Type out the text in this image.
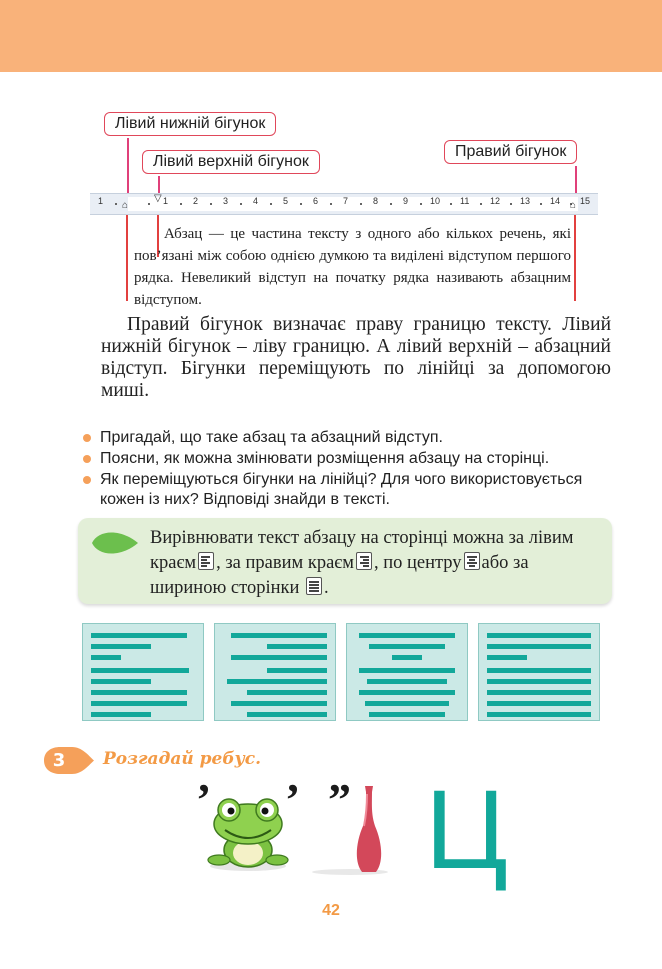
Лівий нижній бігунок
Лівий верхній бігунок
Правий бігунок
1	1	2	3	4	5	6	7	8	9 10 11 12 13 14 15
▽
⌂	⌂
Абзац — це частина тексту з одного або кількох речень, які пов’язані між собою однією думкою та виділені відступом першого рядка. Невеликий відступ на початку рядка називають абзацним відступом.
Правий бігунок визначає праву границю тексту. Лівий нижній бігунок – ліву границю. А лівий верхній – абзацний відступ. Бігунки переміщують по лінійці за допомогою миші.
Пригадай, що таке абзац та абзацний відступ.
Поясни, як можна змінювати розміщення абзацу на сторінці.
Як переміщуються бігунки на лінійці? Для чого використовується кожен із них? Відповіді знайди в тексті.
Вирівнювати текст абзацу на сторінці можна за лівим краєм , за правим краєм , по центру або за шириною сторінки .
3	Розгадай ребус.
’ ’ ” Ц
42
